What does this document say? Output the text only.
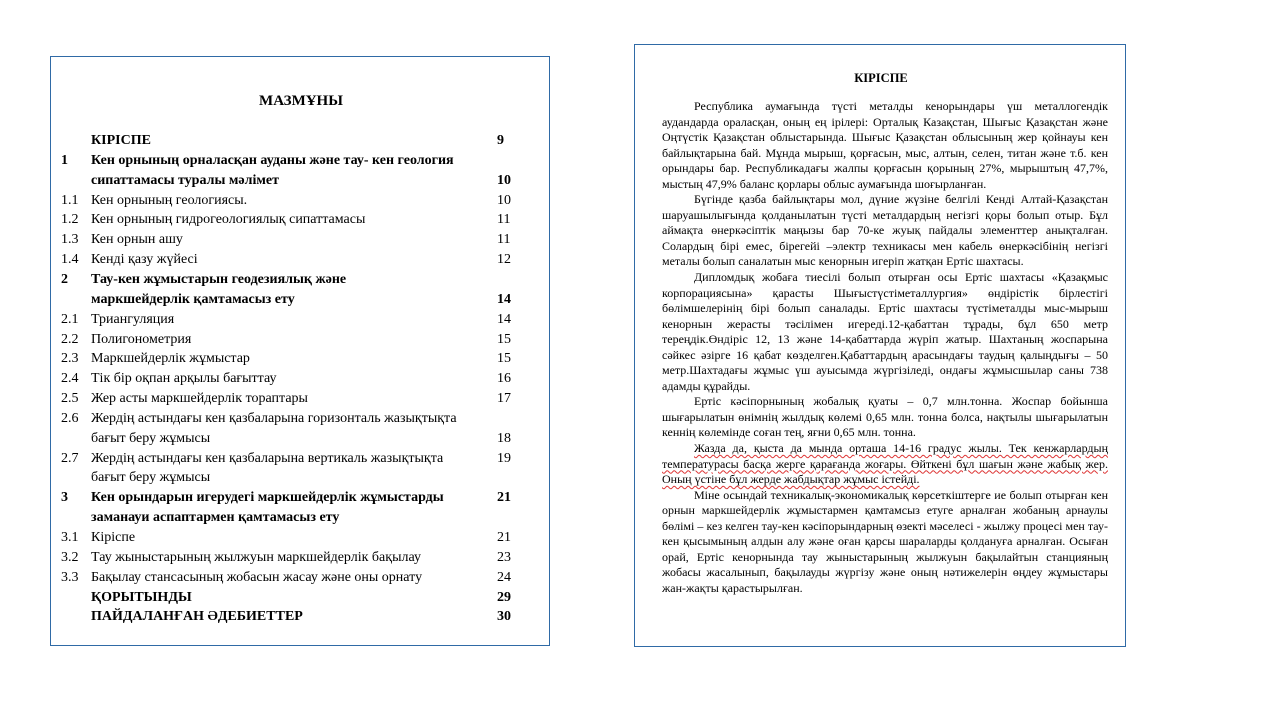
МАЗМҰНЫ
КІРІСПЕ	9
1 Кен орнының орналасқан ауданы және тау- кен геология
сипаттамасы туралы мәлімет	10
1.1 Кен орнының геологиясы.	10
1.2 Кен орнының гидрогеологиялық сипаттамасы	11
1.3 Кен орнын ашу	11
1.4 Кенді қазу жүйесі	12
2 Тау-кен жұмыстарын геодезиялық және
маркшейдерлік қамтамасыз ету	14
2.1 Триангуляция	14
2.2 Полигонометрия	15
2.3 Маркшейдерлік жұмыстар	15
2.4 Тік бір оқпан арқылы бағыттау	16
2.5 Жер асты маркшейдерлік тораптары	17
2.6 Жердің астындағы кен қазбаларына горизонталь жазықтықта
бағыт беру жұмысы	18
2.7 Жердің астындағы кен қазбаларына вертикаль жазықтықта	19
бағыт беру жұмысы
3 Кен орындарын игерудегі маркшейдерлік жұмыстарды	21
заманауи аспаптармен қамтамасыз ету
3.1 Кіріспе	21
3.2 Тау жыныстарының жылжуын маркшейдерлік бақылау	23
3.3 Бақылау стансасының жобасын жасау және оны орнату	24
ҚОРЫТЫНДЫ	29
ПАЙДАЛАНҒАН ӘДЕБИЕТТЕР	30
КІРІСПЕ

Республика аумағында түсті металды кенорындары үш металлогендік аудандарда оралаcқан, оның ең ірілері: Орталық Казақстан, Шығыс Қазақстан және Оңтүстік Қазақстан облыстарында. Шығыс Қазақстан облысының жер қойнауы кен байлықтарына бай. Мұнда мырыш, қорғасын, мыс, алтын, селен, титан және т.б. кен орындары бар. Республикадағы жалпы қорғасын қорының 27%, мырыштың 47,7%, мыстың 47,9% баланс қорлары облыс аумағында шоғырланған.

Бүгінде қазба байлықтары мол, дүние жүзіне белгілі Кенді Алтай-Қазақстан шаруашылығында қолданылатын түсті металдардың негізгі қоры болып отыр. Бұл аймақта өнеркәсіптік маңызы бар 70-ке жуық пайдалы элементтер анықталған. Солардың бірі емес, бірегейі –электр техникасы мен кабель өнеркәсібінің негізгі металы болып саналатын мыс кенорнын игеріп жатқан Ертіс шахтасы.

Дипломдық жобаға тиесілі болып отырған осы Ертіс шахтасы «Қазақмыс корпорациясына» қарасты Шығыстүстіметаллургия» өндірістік бірлестігі бөлімшелерінің бірі болып саналады. Ертіс шахтасы түстіметалды мыс-мырыш кенорнын жерасты тәсілімен игереді.12-қабаттан тұрады, бұл 650 метр тереңдік.Өндіріс 12, 13 және 14-қабаттарда жүріп жатыр. Шахтаның жоспарына сәйкес әзірге 16 қабат көзделген.Қабаттардың арасындағы таудың қалыңдығы – 50 метр.Шахтадағы жұмыс үш ауысымда жүргізіледі, ондағы жұмысшылар саны 738 адамды құрайды.

Ертіс кәсіпорнының жобалық қуаты – 0,7 млн.тонна. Жоспар бойынша шығарылатын өнімнің жылдық көлемі 0,65 млн. тонна болса, нақтылы шығарылатын кеннің көлемінде соған тең, яғни 0,65 млн. тонна.

Жазда да, қыста да мында орташа 14-16 градус жылы. Тек кенжарлардың температурасы басқа жерге қарағанда жоғары. Өйткені бұл шағын және жабық жер. Оның үстіне бұл жерде жабдықтар жұмыс істейді.

Міне осындай техникалық-экономикалық көрсеткіштерге ие болып отырған кен орнын маркшейдерлік жұмыстармен қамтамсыз етуге арналған жобаның арнаулы бөлімі – кез келген тау-кен кәсіпорындарның өзекті мәселесі - жылжу процесі мен тау-кен қысымының алдын алу және оған қарсы шараларды қолдануға арналған. Осыған орай, Ертіс кенорнында тау жыныстарының жылжуын бақылайтын станцияның жобасы жасалынып, бақылауды жүргізу және оның нәтижелерін өңдеу жұмыстары жан-жақты қарастырылған.
